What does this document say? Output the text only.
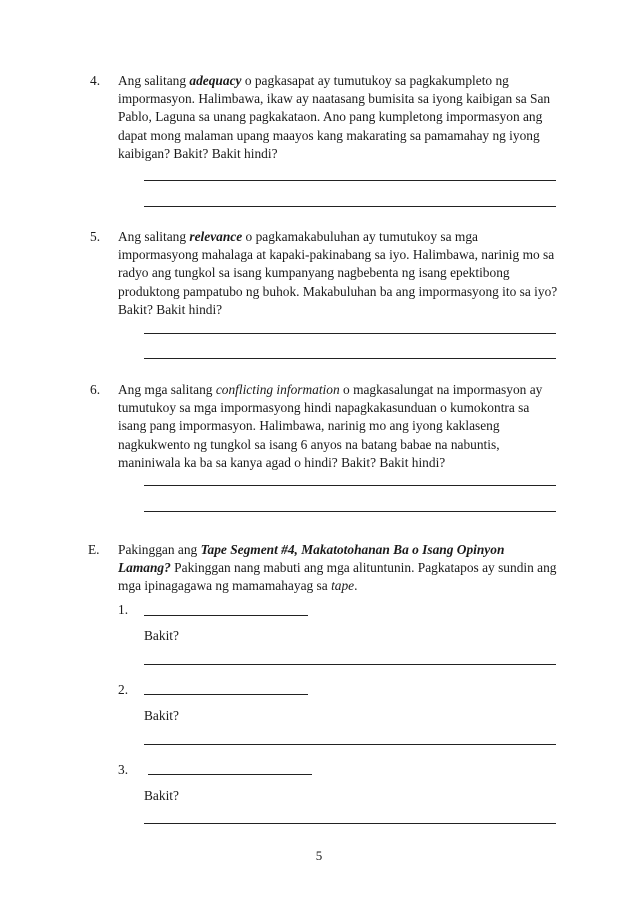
4. Ang salitang adequacy o pagkasapat ay tumutukoy sa pagkakumpleto ng impormasyon. Halimbawa, ikaw ay naatasang bumisita sa iyong kaibigan sa San Pablo, Laguna sa unang pagkakataon. Ano pang kumpletong impormasyon ang dapat mong malaman upang maayos kang makarating sa pamamahay ng iyong kaibigan? Bakit? Bakit hindi?

5. Ang salitang relevance o pagkamakabuluhan ay tumutukoy sa mga impormasyong mahalaga at kapaki-pakinabang sa iyo. Halimbawa, narinig mo sa radyo ang tungkol sa isang kumpanyang nagbebenta ng isang epektibong produktong pampatubo ng buhok. Makabuluhan ba ang impormasyong ito sa iyo? Bakit? Bakit hindi?

6. Ang mga salitang conflicting information o magkasalungat na impormasyon ay tumutukoy sa mga impormasyong hindi napagkakasunduan o kumokontra sa isang pang impormasyon. Halimbawa, narinig mo ang iyong kaklaseng nagkukwento ng tungkol sa isang 6 anyos na batang babae na nabuntis, maniniwala ka ba sa kanya agad o hindi? Bakit? Bakit hindi?

E. Pakinggan ang Tape Segment #4, Makatotohanan Ba o Isang Opinyon Lamang? Pakinggan nang mabuti ang mga alituntunin. Pagkatapos ay sundin ang mga ipinagagawa ng mamamahayag sa tape.

1.
Bakit?
2.
Bakit?
3.
Bakit?
5
